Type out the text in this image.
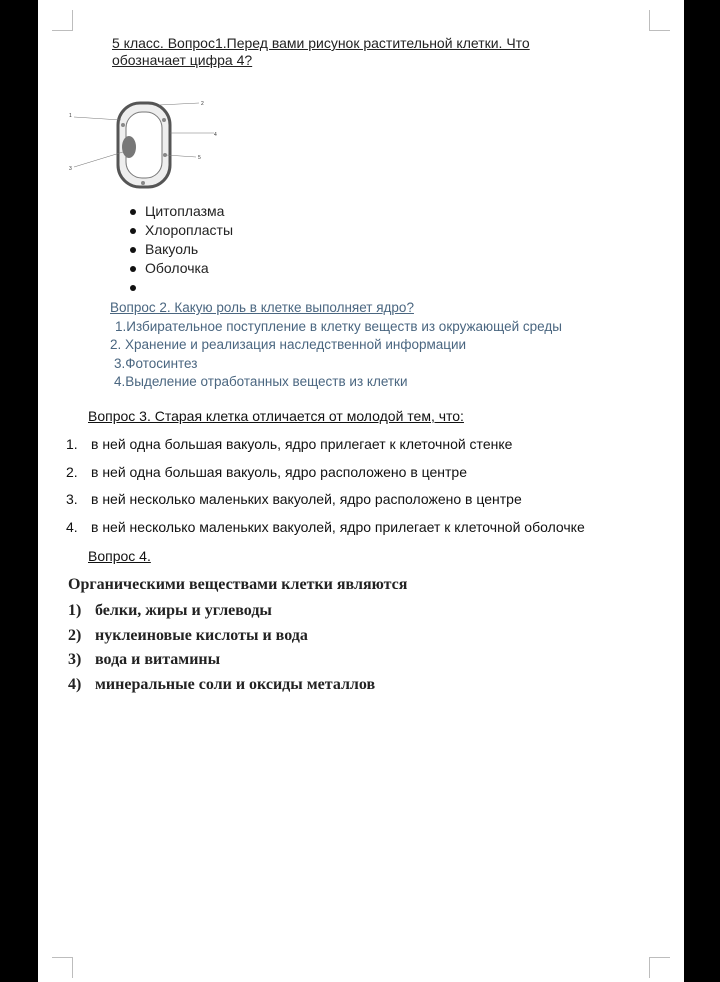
5 класс. Вопрос1.Перед вами рисунок растительной клетки. Что
обозначает цифра 4?
1
2
3
4
5
Цитоплазма
Хлоропласты
Вакуоль
Оболочка
Вопрос 2. Какую роль в клетке выполняет ядро?
1.Избирательное поступление в клетку веществ из окружающей среды
2. Хранение и реализация наследственной информации
3.Фотосинтез
4.Выделение отработанных веществ из клетки
Вопрос 3. Старая клетка отличается от молодой тем, что:
1. в ней одна большая вакуоль, ядро прилегает к клеточной стенке
2. в ней одна большая вакуоль, ядро расположено в центре
3. в ней несколько маленьких вакуолей, ядро расположено в центре
4. в ней несколько маленьких вакуолей, ядро прилегает к клеточной оболочке
Вопрос 4.
Органическими веществами клетки являются
1) белки, жиры и углеводы
2) нуклеиновые кислоты и вода
3) вода и витамины
4) минеральные соли и оксиды металлов
